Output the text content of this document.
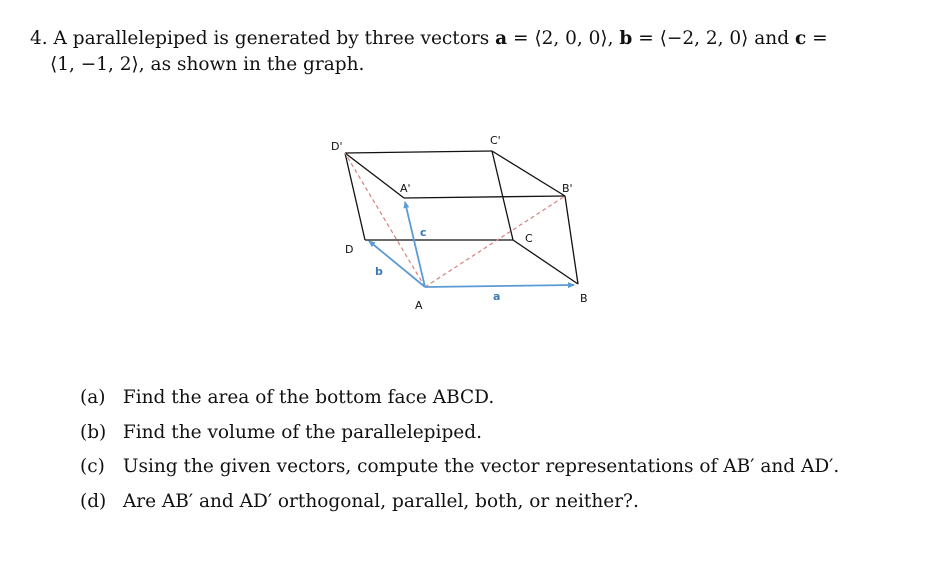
4. A parallelepiped is generated by three vectors a = ⟨2, 0, 0⟩, b = ⟨−2, 2, 0⟩ and c =
⟨1, −1, 2⟩, as shown in the graph.
D'	C'
A'	B'
D
C
A
B
a
b
c
(a) Find the area of the bottom face ABCD.
(b) Find the volume of the parallelepiped.
(c) Using the given vectors, compute the vector representations of AB′ and AD′.
(d) Are AB′ and AD′ orthogonal, parallel, both, or neither?.
